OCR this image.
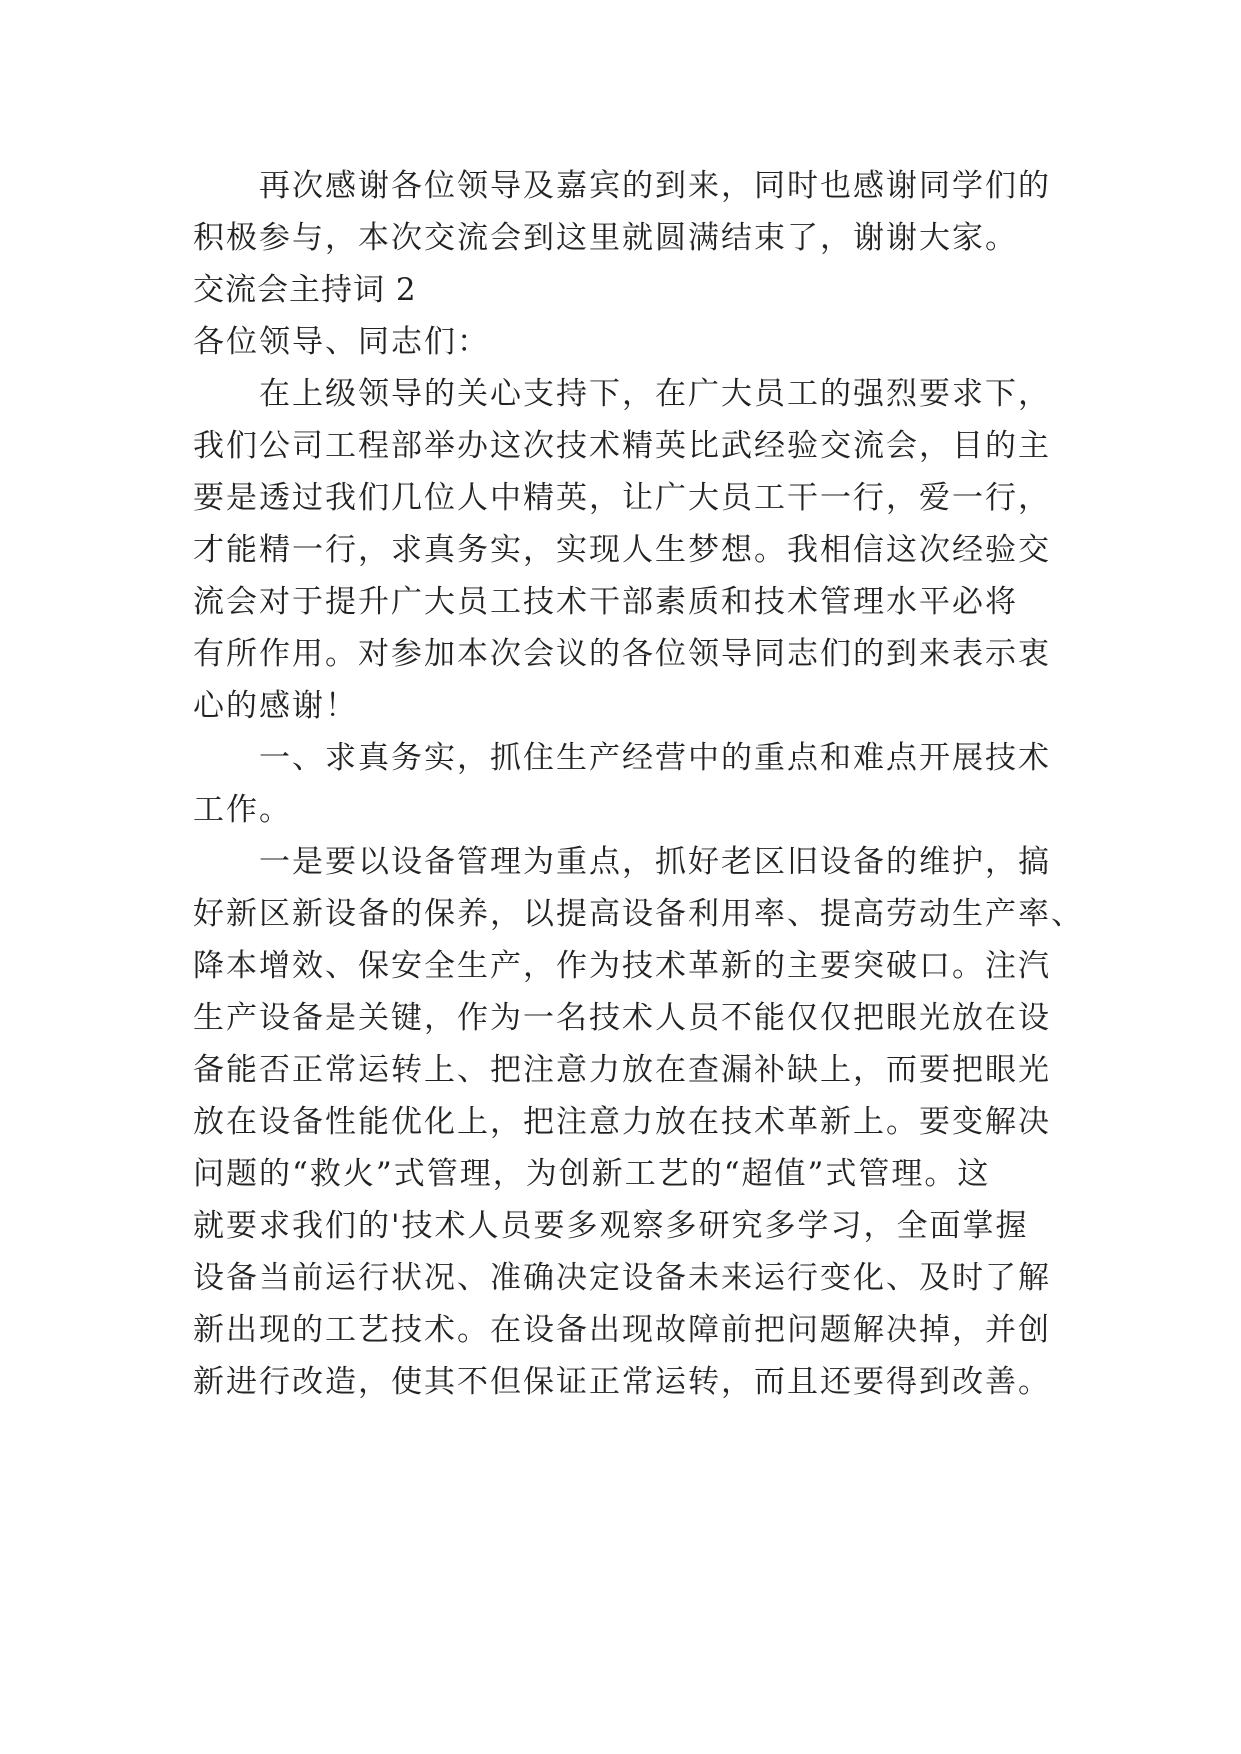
再次感谢各位领导及嘉宾的到来，同时也感谢同学们的
积极参与，本次交流会到这里就圆满结束了，谢谢大家。
交流会主持词 2
各位领导、同志们：
在上级领导的关心支持下，在广大员工的强烈要求下，
我们公司工程部举办这次技术精英比武经验交流会，目的主
要是透过我们几位人中精英，让广大员工干一行，爱一行，
才能精一行，求真务实，实现人生梦想。我相信这次经验交
流会对于提升广大员工技术干部素质和技术管理水平必将
有所作用。对参加本次会议的各位领导同志们的到来表示衷
心的感谢！
一、求真务实，抓住生产经营中的重点和难点开展技术
工作。
一是要以设备管理为重点，抓好老区旧设备的维护，搞
好新区新设备的保养，以提高设备利用率、提高劳动生产率、
降本增效、保安全生产，作为技术革新的主要突破口。注汽
生产设备是关键，作为一名技术人员不能仅仅把眼光放在设
备能否正常运转上、把注意力放在查漏补缺上，而要把眼光
放在设备性能优化上，把注意力放在技术革新上。要变解决
问题的“救火”式管理，为创新工艺的“超值”式管理。这
就要求我们的'技术人员要多观察多研究多学习，全面掌握
设备当前运行状况、准确决定设备未来运行变化、及时了解
新出现的工艺技术。在设备出现故障前把问题解决掉，并创
新进行改造，使其不但保证正常运转，而且还要得到改善。
